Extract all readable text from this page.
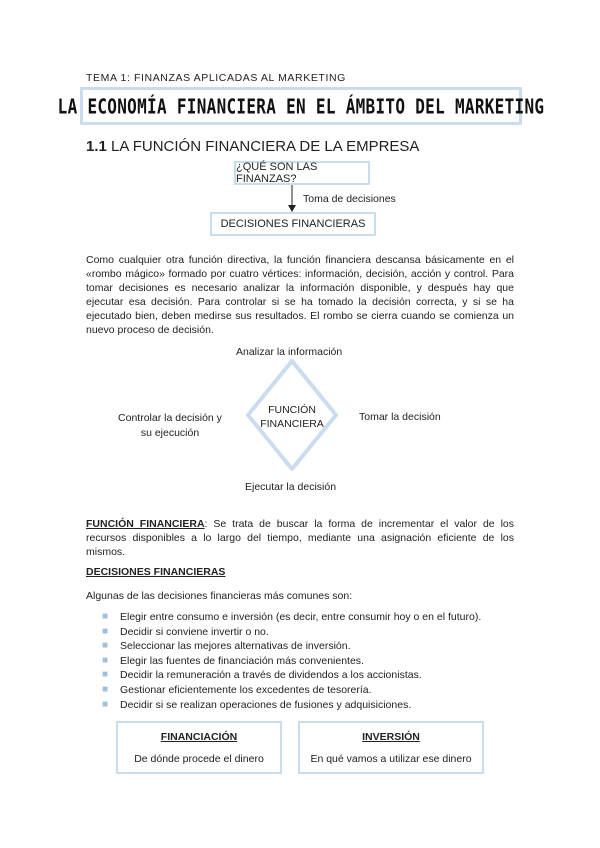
TEMA 1: FINANZAS APLICADAS AL MARKETING
LA ECONOMÍA FINANCIERA EN EL ÁMBITO DEL MARKETING
1.1 LA FUNCIÓN FINANCIERA DE LA EMPRESA
¿QUÉ SON LAS FINANZAS?
Toma de decisiones
DECISIONES FINANCIERAS
Como cualquier otra función directiva, la función financiera descansa básicamente en el «rombo mágico» formado por cuatro vértices: información, decisión, acción y control. Para tomar decisiones es necesario analizar la información disponible, y después hay que ejecutar esa decisión. Para controlar si se ha tomado la decisión correcta, y si se ha ejecutado bien, deben medirse sus resultados. El rombo se cierra cuando se comienza un nuevo proceso de decisión.
Analizar la información
Tomar la decisión
Controlar la decisión y
su ejecución
Ejecutar la decisión
FUNCIÓN
FINANCIERA
FUNCIÓN FINANCIERA: Se trata de buscar la forma de incrementar el valor de los recursos disponibles a lo largo del tiempo, mediante una asignación eficiente de los mismos.
DECISIONES FINANCIERAS
Algunas de las decisiones financieras más comunes son:
■ Elegir entre consumo e inversión (es decir, entre consumir hoy o en el futuro).
■ Decidir si conviene invertir o no.
■ Seleccionar las mejores alternativas de inversión.
■ Elegir las fuentes de financiación más convenientes.
■ Decidir la remuneración a través de dividendos a los accionistas.
■ Gestionar eficientemente los excedentes de tesorería.
■ Decidir si se realizan operaciones de fusiones y adquisiciones.
FINANCIACIÓN
De dónde procede el dinero
INVERSIÓN
En qué vamos a utilizar ese dinero
